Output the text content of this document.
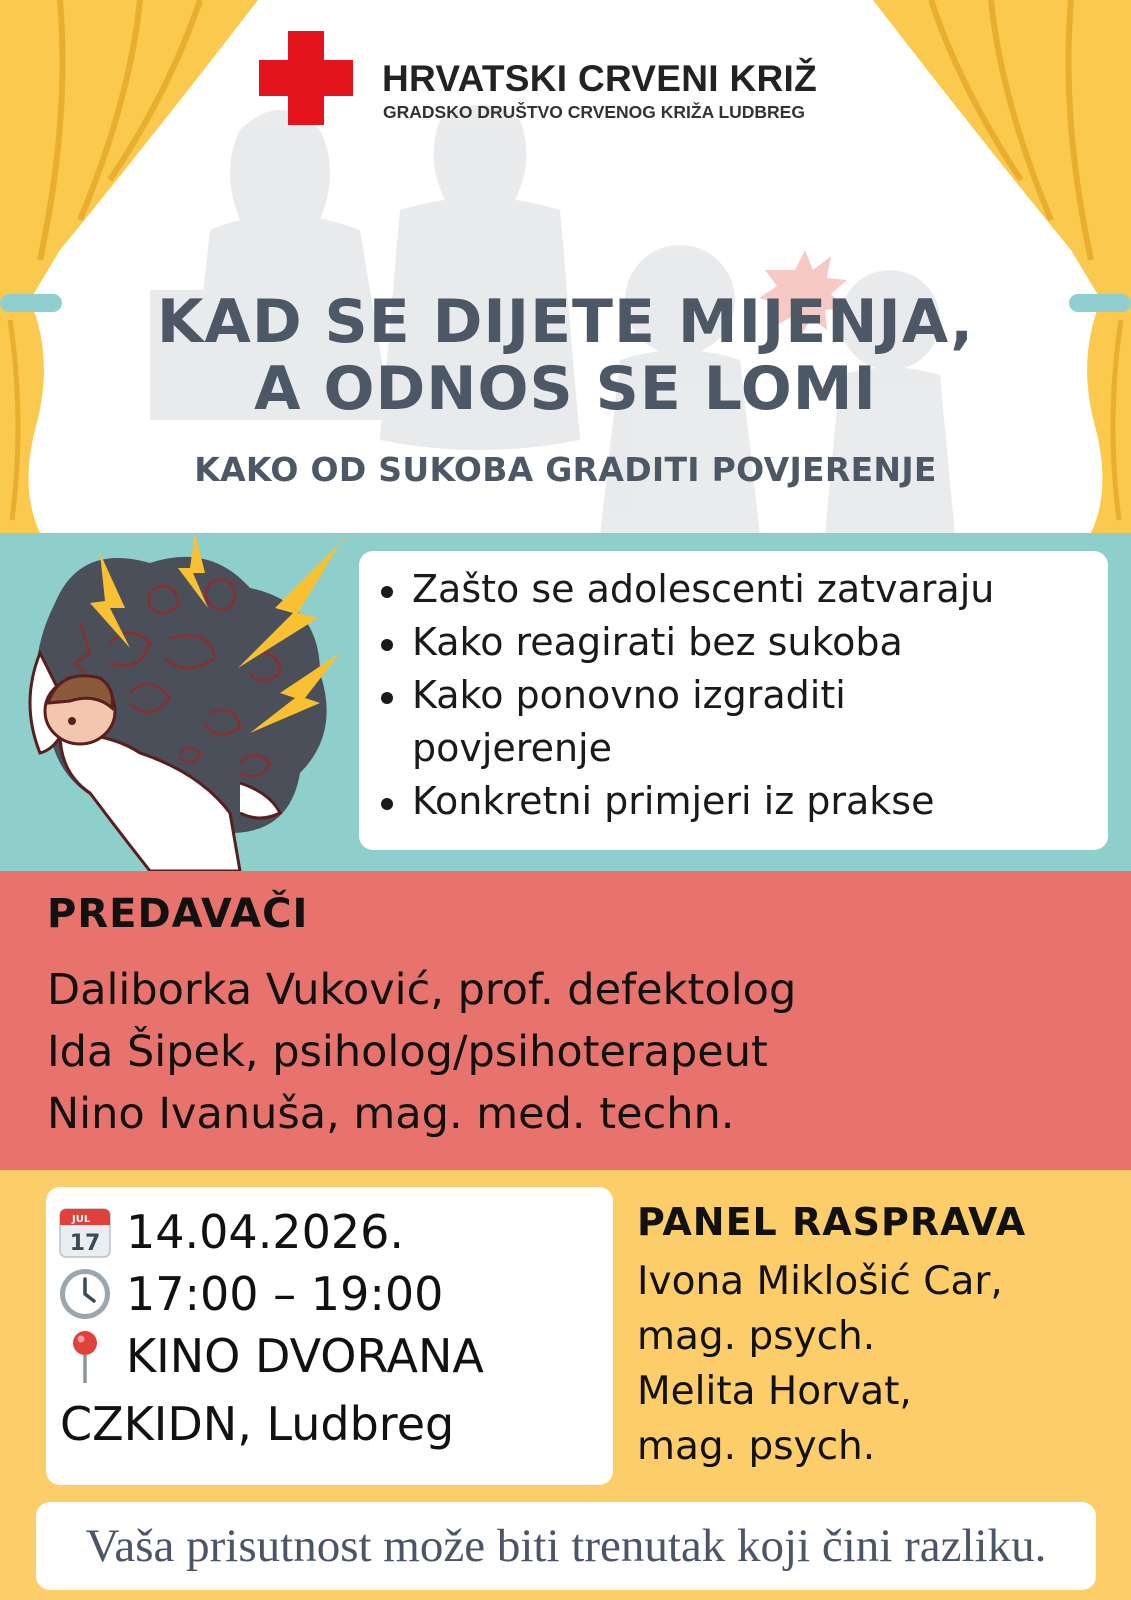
HRVATSKI CRVENI KRIŽ
GRADSKO DRUŠTVO CRVENOG KRIŽA LUDBREG
KAD SE DIJETE MIJENJA,
A ODNOS SE LOMI
KAKO OD SUKOBA GRADITI POVJERENJE
Zašto se adolescenti zatvaraju
Kako reagirati bez sukoba
Kako ponovno izgraditi
povjerenje
Konkretni primjeri iz prakse
PREDAVAČI
Daliborka Vuković, prof. defektolog
Ida Šipek, psiholog/psihoterapeut
Nino Ivanuša, mag. med. techn.
JUL
17 14.04.2026.
17:00 – 19:00
KINO DVORANA
CZKIDN, Ludbreg
PANEL RASPRAVA
Ivona Miklošić Car,
mag. psych.
Melita Horvat,
mag. psych.
Vaša prisutnost može biti trenutak koji čini razliku.
